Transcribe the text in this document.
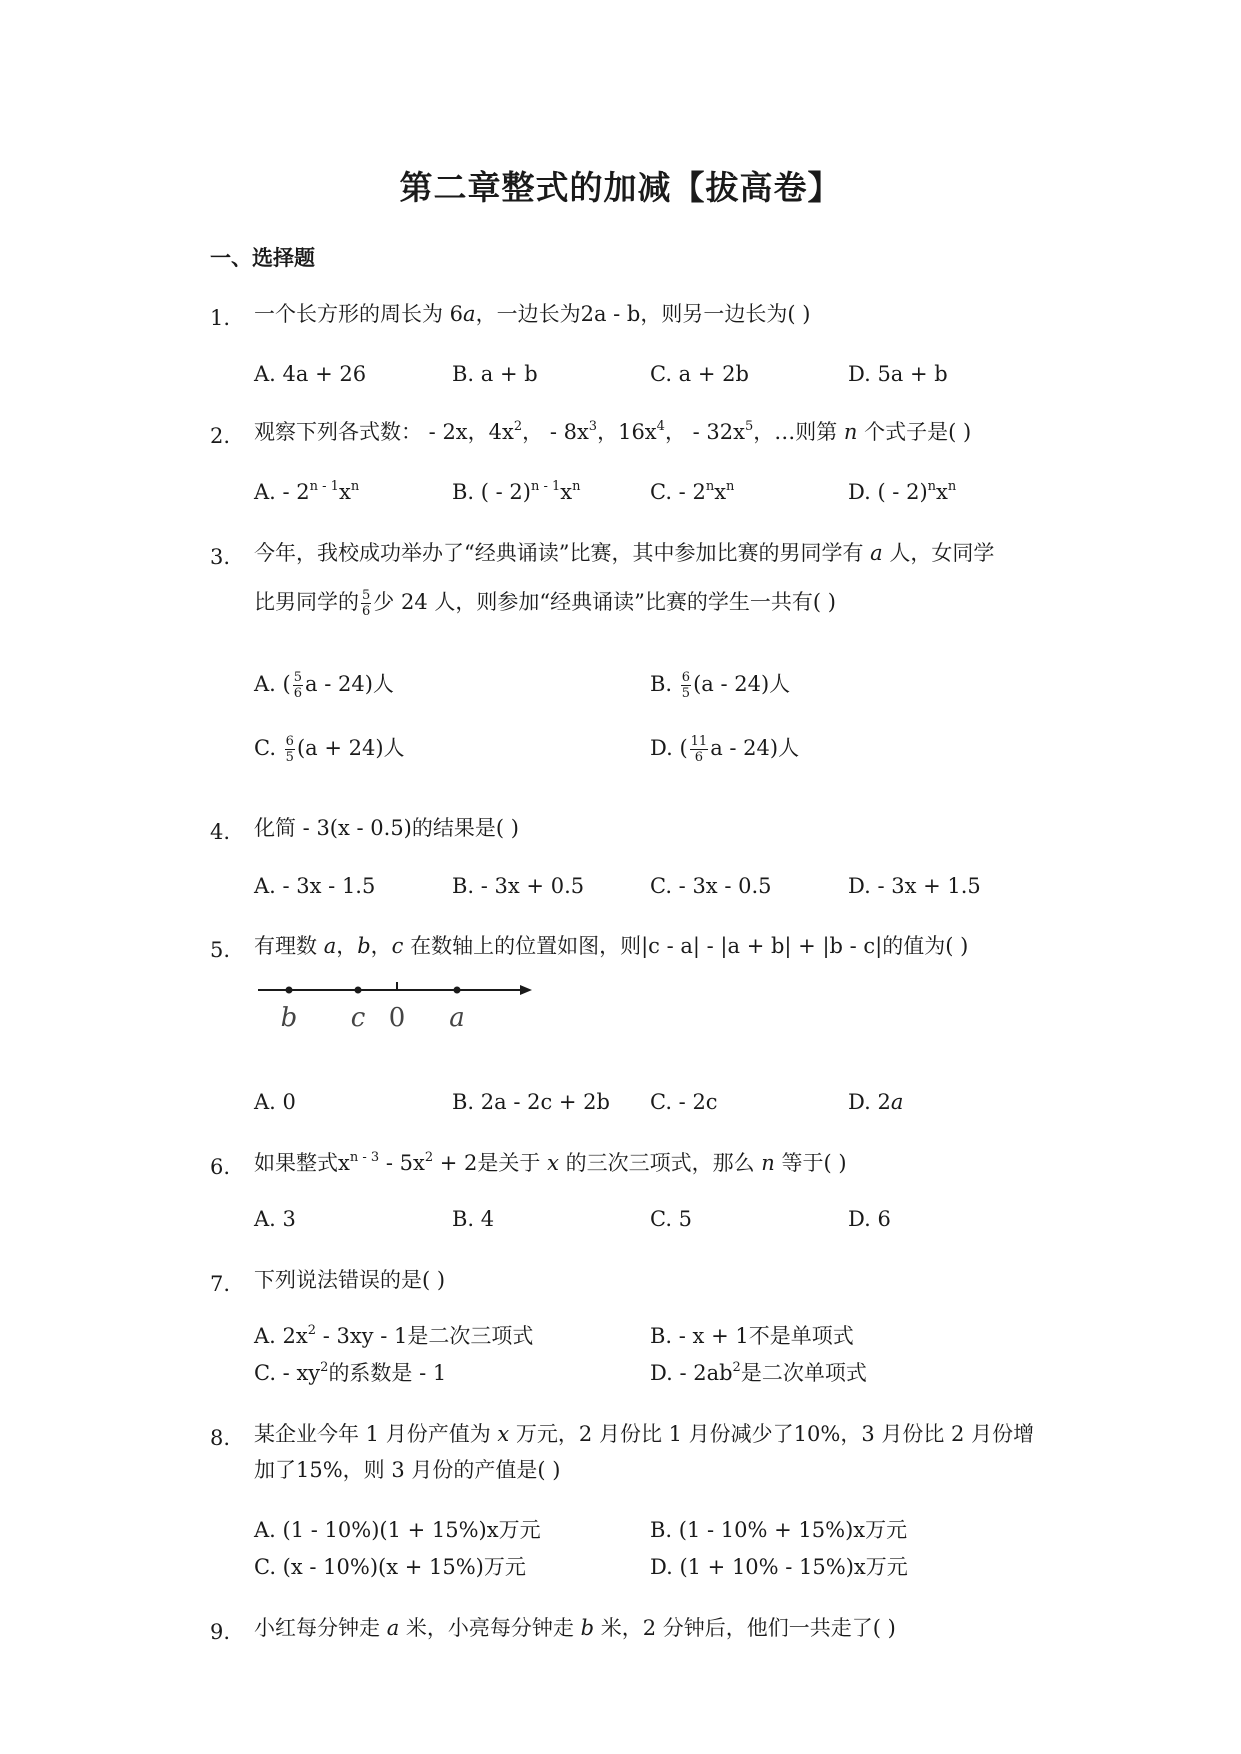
第二章整式的加减【拔高卷】
一、选择题
1. 一个长方形的周长为 6a，一边长为2a - b，则另一边长为( )
A. 4a + 26	B. a + b	C. a + 2b	D. 5a + b
2. 观察下列各式数： - 2x，$4x^2$， - $8x^3$，$16x^4$， - $32x^5$，…则第 n 个式子是( )
A. - $2^{n - 1}x^n$	B. ( - $2)^{n - 1}x^n$	C. - $2^nx^n$	D. ( - $2)^nx^n$
3. 今年，我校成功举办了“经典诵读”比赛，其中参加比赛的男同学有 a 人，女同学
比男同学的 $\frac{5}{6}$ 少 24 人，则参加“经典诵读”比赛的学生一共有( )
A. ( $\frac{5}{6}$ a - 24)人	B. $\frac{6}{5} (a - 24)$人
C. $\frac{6}{5} (a + 24)$人	D. ( $\frac{11}{6}$ a - 24)人
4. 化简 - 3(x - 0.5)的结果是( )
A. - 3x - 1.5	B. - 3x + 0.5	C. - 3x - 0.5	D. - 3x + 1.5
5. 有理数 a，b，c 在数轴上的位置如图，则|c - a| - |a + b| + |b - c|的值为( )
b c 0 a
A. 0	B. 2a - 2c + 2b C. - 2c	D. 2a
6. 如果整式$x^{n - 3} - 5x^2 + 2$是关于 x 的三次三项式，那么 n 等于( )
A. 3	B. 4	C. 5	D. 6
7. 下列说法错误的是( )
A. $2x^2 - 3xy - 1$是二次三项式	B. - x + 1不是单项式
C. - $xy^2$的系数是 - 1	D. - $2ab^2$是二次单项式
8. 某企业今年 1 月份产值为 x 万元，2 月份比 1 月份减少了10%，3 月份比 2 月份增
加了15%，则 3 月份的产值是( )
A. (1 - 10%)(1 + 15%)x万元	B. (1 - 10% + 15%)x万元
C. (x - 10%)(x + 15%)万元	D. (1 + 10% - 15%)x万元
9. 小红每分钟走 a 米，小亮每分钟走 b 米，2 分钟后，他们一共走了( )
